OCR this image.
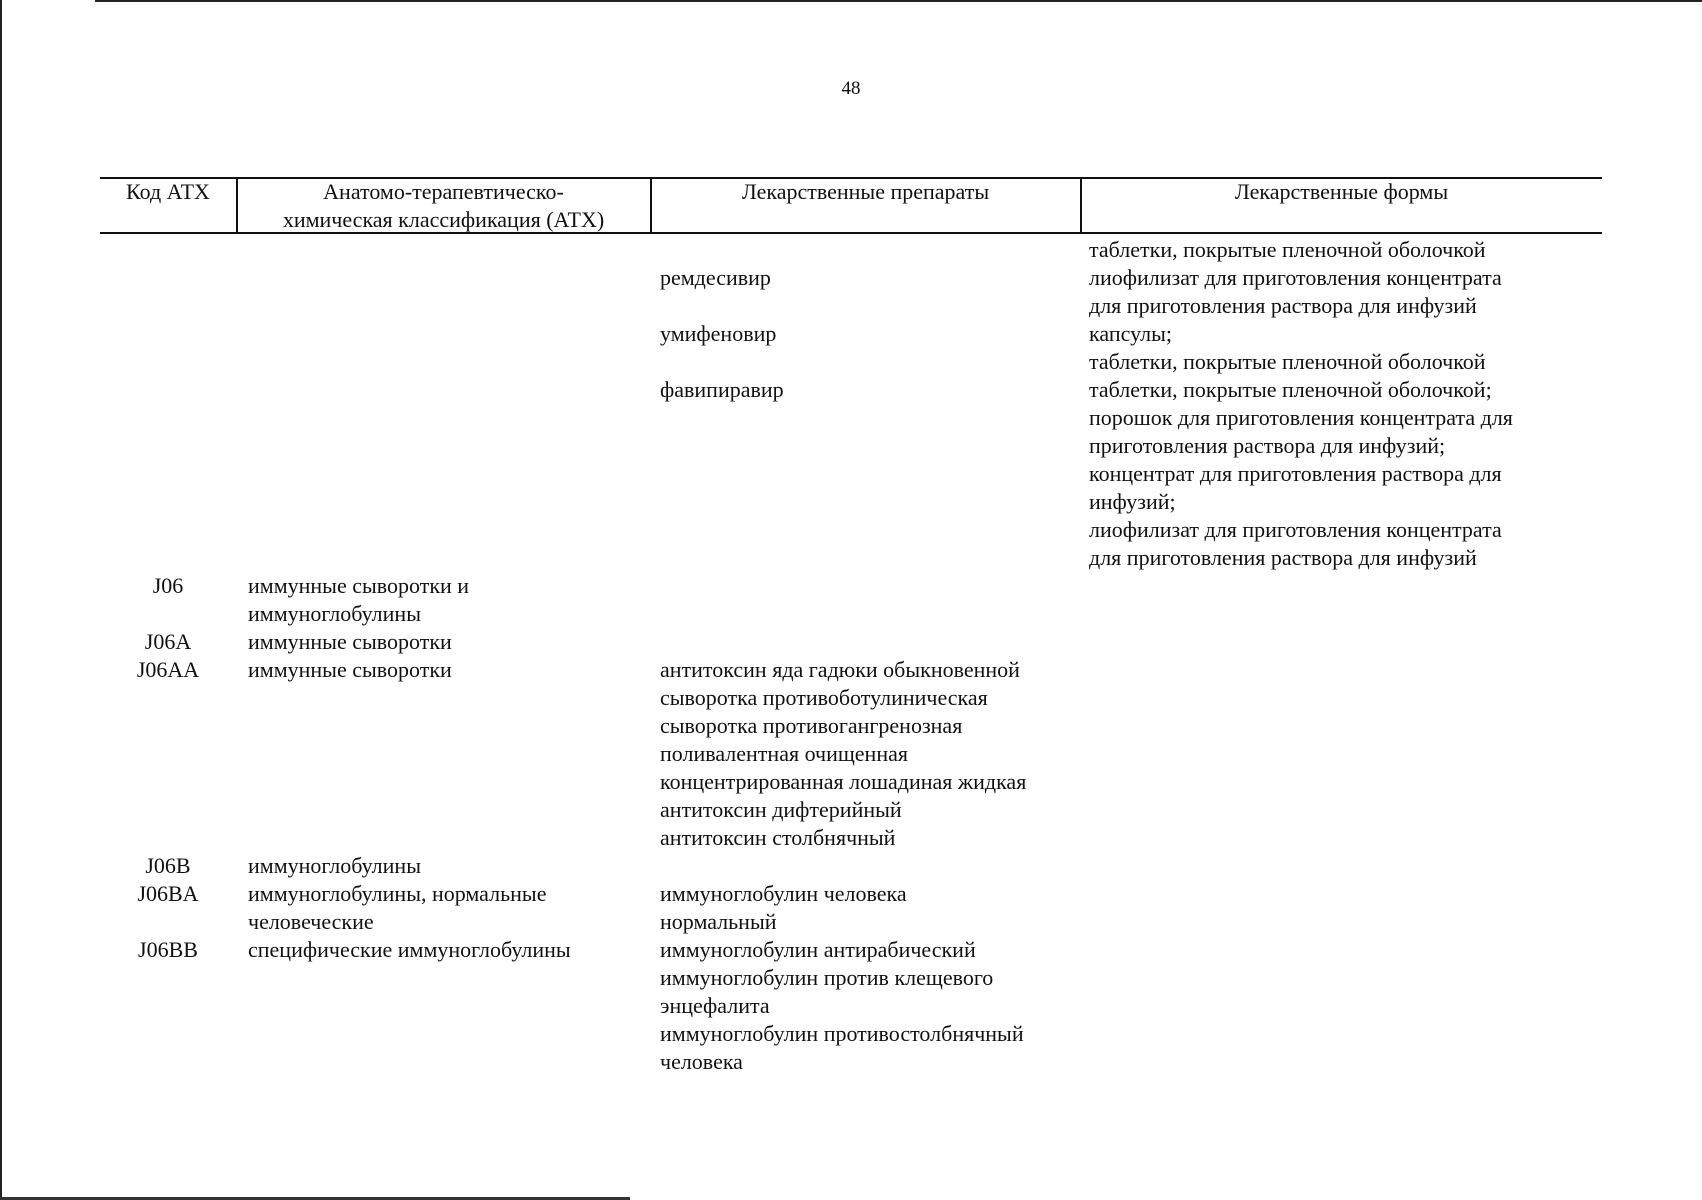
48
Код АТХ	Анатомо-терапевтическо-
химическая классификация (АТХ)
Лекарственные препараты	Лекарственные формы
таблетки, покрытые пленочной оболочкой
лиофилизат для приготовления концентрата
для приготовления раствора для инфузий
капсулы;
таблетки, покрытые пленочной оболочкой
таблетки, покрытые пленочной оболочкой;
порошок для приготовления концентрата для
приготовления раствора для инфузий;
концентрат для приготовления раствора для
инфузий;
лиофилизат для приготовления концентрата
для приготовления раствора для инфузий
ремдесивир
умифеновир
фавипиравир
J06
J06A
J06AA
J06B
J06BA
J06BB
иммунные сыворотки и
иммуноглобулины
иммунные сыворотки
иммунные сыворотки
иммуноглобулины
иммуноглобулины, нормальные
человеческие
специфические иммуноглобулины
антитоксин яда гадюки обыкновенной
сыворотка противоботулиническая
сыворотка противогангренозная
поливалентная очищенная
концентрированная лошадиная жидкая
антитоксин дифтерийный
антитоксин столбнячный
иммуноглобулин человека
нормальный
иммуноглобулин антирабический
иммуноглобулин против клещевого
энцефалита
иммуноглобулин противостолбнячный
человека
